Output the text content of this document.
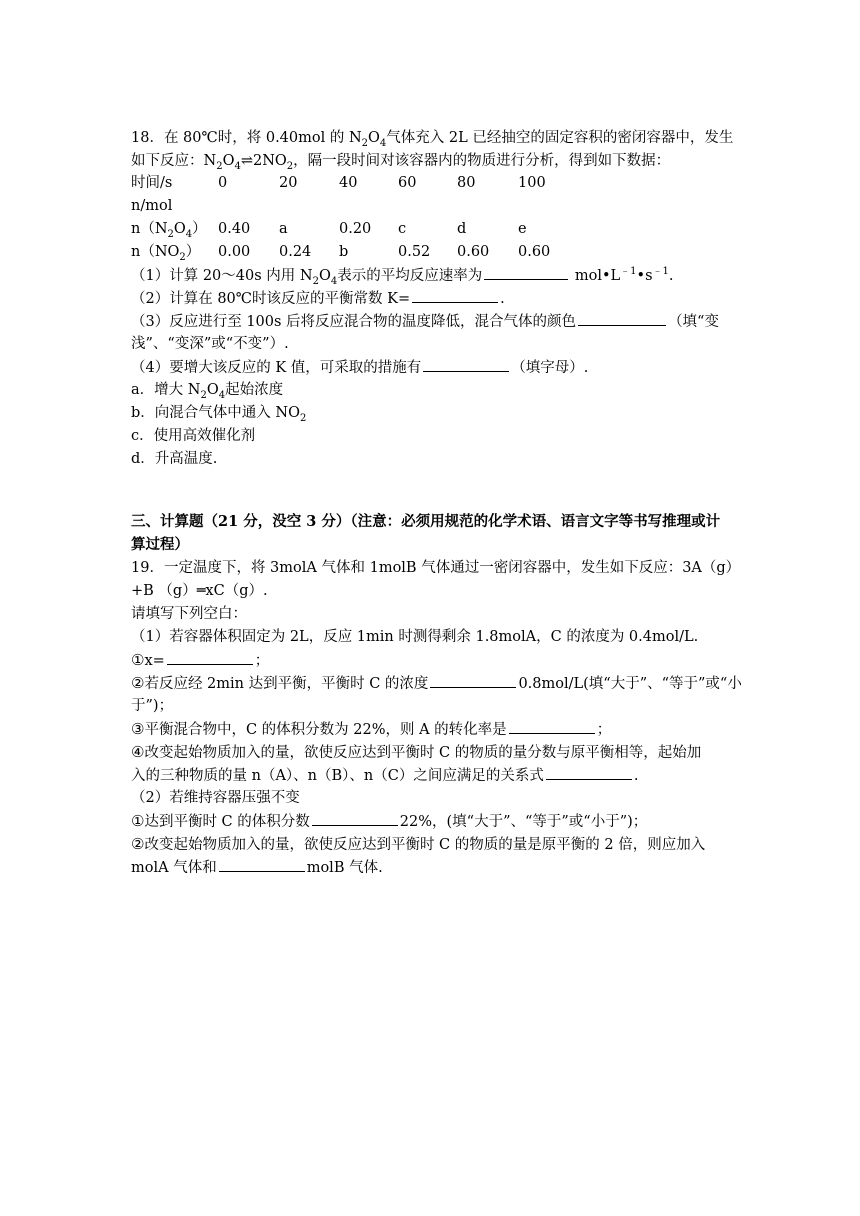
18．在 80℃时，将 0.40mol 的 $N_2O_4$气体充入 2L 已经抽空的固定容积的密闭容器中，发生
如下反应：$N_2O_4\rightleftharpoons 2NO_2$，隔一段时间对该容器内的物质进行分析，得到如下数据：
时间/s	0	20	40	60	80	100
n/mol
$n(N_2O_4)$ 0.40 a	0.20 c	d	e
$n(NO_2)$ 0.00 0.24 b	0.52 0.60 0.60
（1）计算 20～40s 内用 $N_2O_4$表示的平均反应速率为	$mol•L^{﹣1}•s^{﹣1}$.
（2）计算在 80℃时该反应的平衡常数 K=	.
（3）反应进行至 100s 后将反应混合物的温度降低，混合气体的颜色	（填“变
浅”、“变深”或“不变”）.
（4）要增大该反应的 K 值，可采取的措施有	（填字母）.
a．增大 $N_2O_4$起始浓度
b．向混合气体中通入 $NO_2$
c．使用高效催化剂
d．升高温度.
三、计算题（21 分，没空 3 分）（注意：必须用规范的化学术语、语言文字等书写推理或计
算过程）
19．一定温度下，将 3molA 气体和 1molB 气体通过一密闭容器中，发生如下反应：3A（g）
+B （g）═xC（g）.
请填写下列空白：
（1）若容器体积固定为 2L，反应 1min 时测得剩余 1.8molA，C 的浓度为 0.4mol/L.
①x=	；
②若反应经 2min 达到平衡，平衡时 C 的浓度	0.8mol/L(填“大于”、“等于”或“小
于”)；
③平衡混合物中，C 的体积分数为 22%，则 A 的转化率是	；
④改变起始物质加入的量，欲使反应达到平衡时 C 的物质的量分数与原平衡相等，起始加
入的三种物质的量 n（A）、n（B）、n（C）之间应满足的关系式	.
（2）若维持容器压强不变
①达到平衡时 C 的体积分数	22%，(填“大于”、“等于”或“小于”)；
②改变起始物质加入的量，欲使反应达到平衡时 C 的物质的量是原平衡的 2 倍，则应加入
molA 气体和	molB 气体.
